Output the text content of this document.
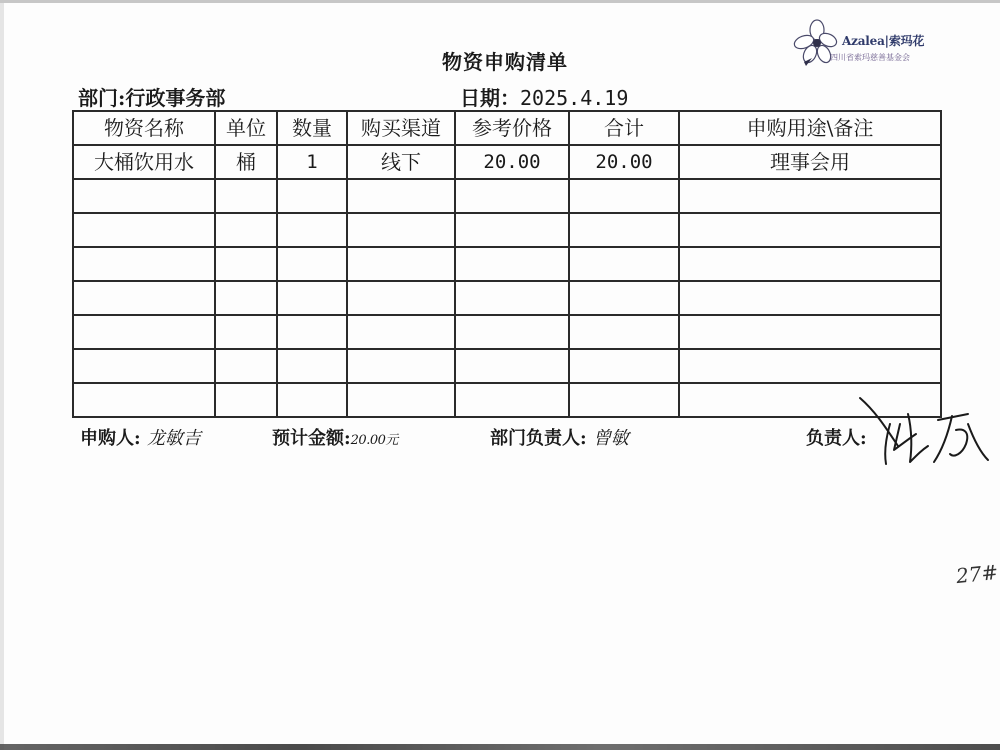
Azalea|索玛花
四川省索玛慈善基金会
物资申购清单
部门:行政事务部	日期：2025.4.19
物资名称	单位	数量	购买渠道	参考价格	合计	申购用途\备注
大桶饮用水	桶	1	线下	20.00	20.00	理事会用

申购人: 龙敏吉	预计金额:20.00元	部门负责人: 曾敏	负责人:
27#
